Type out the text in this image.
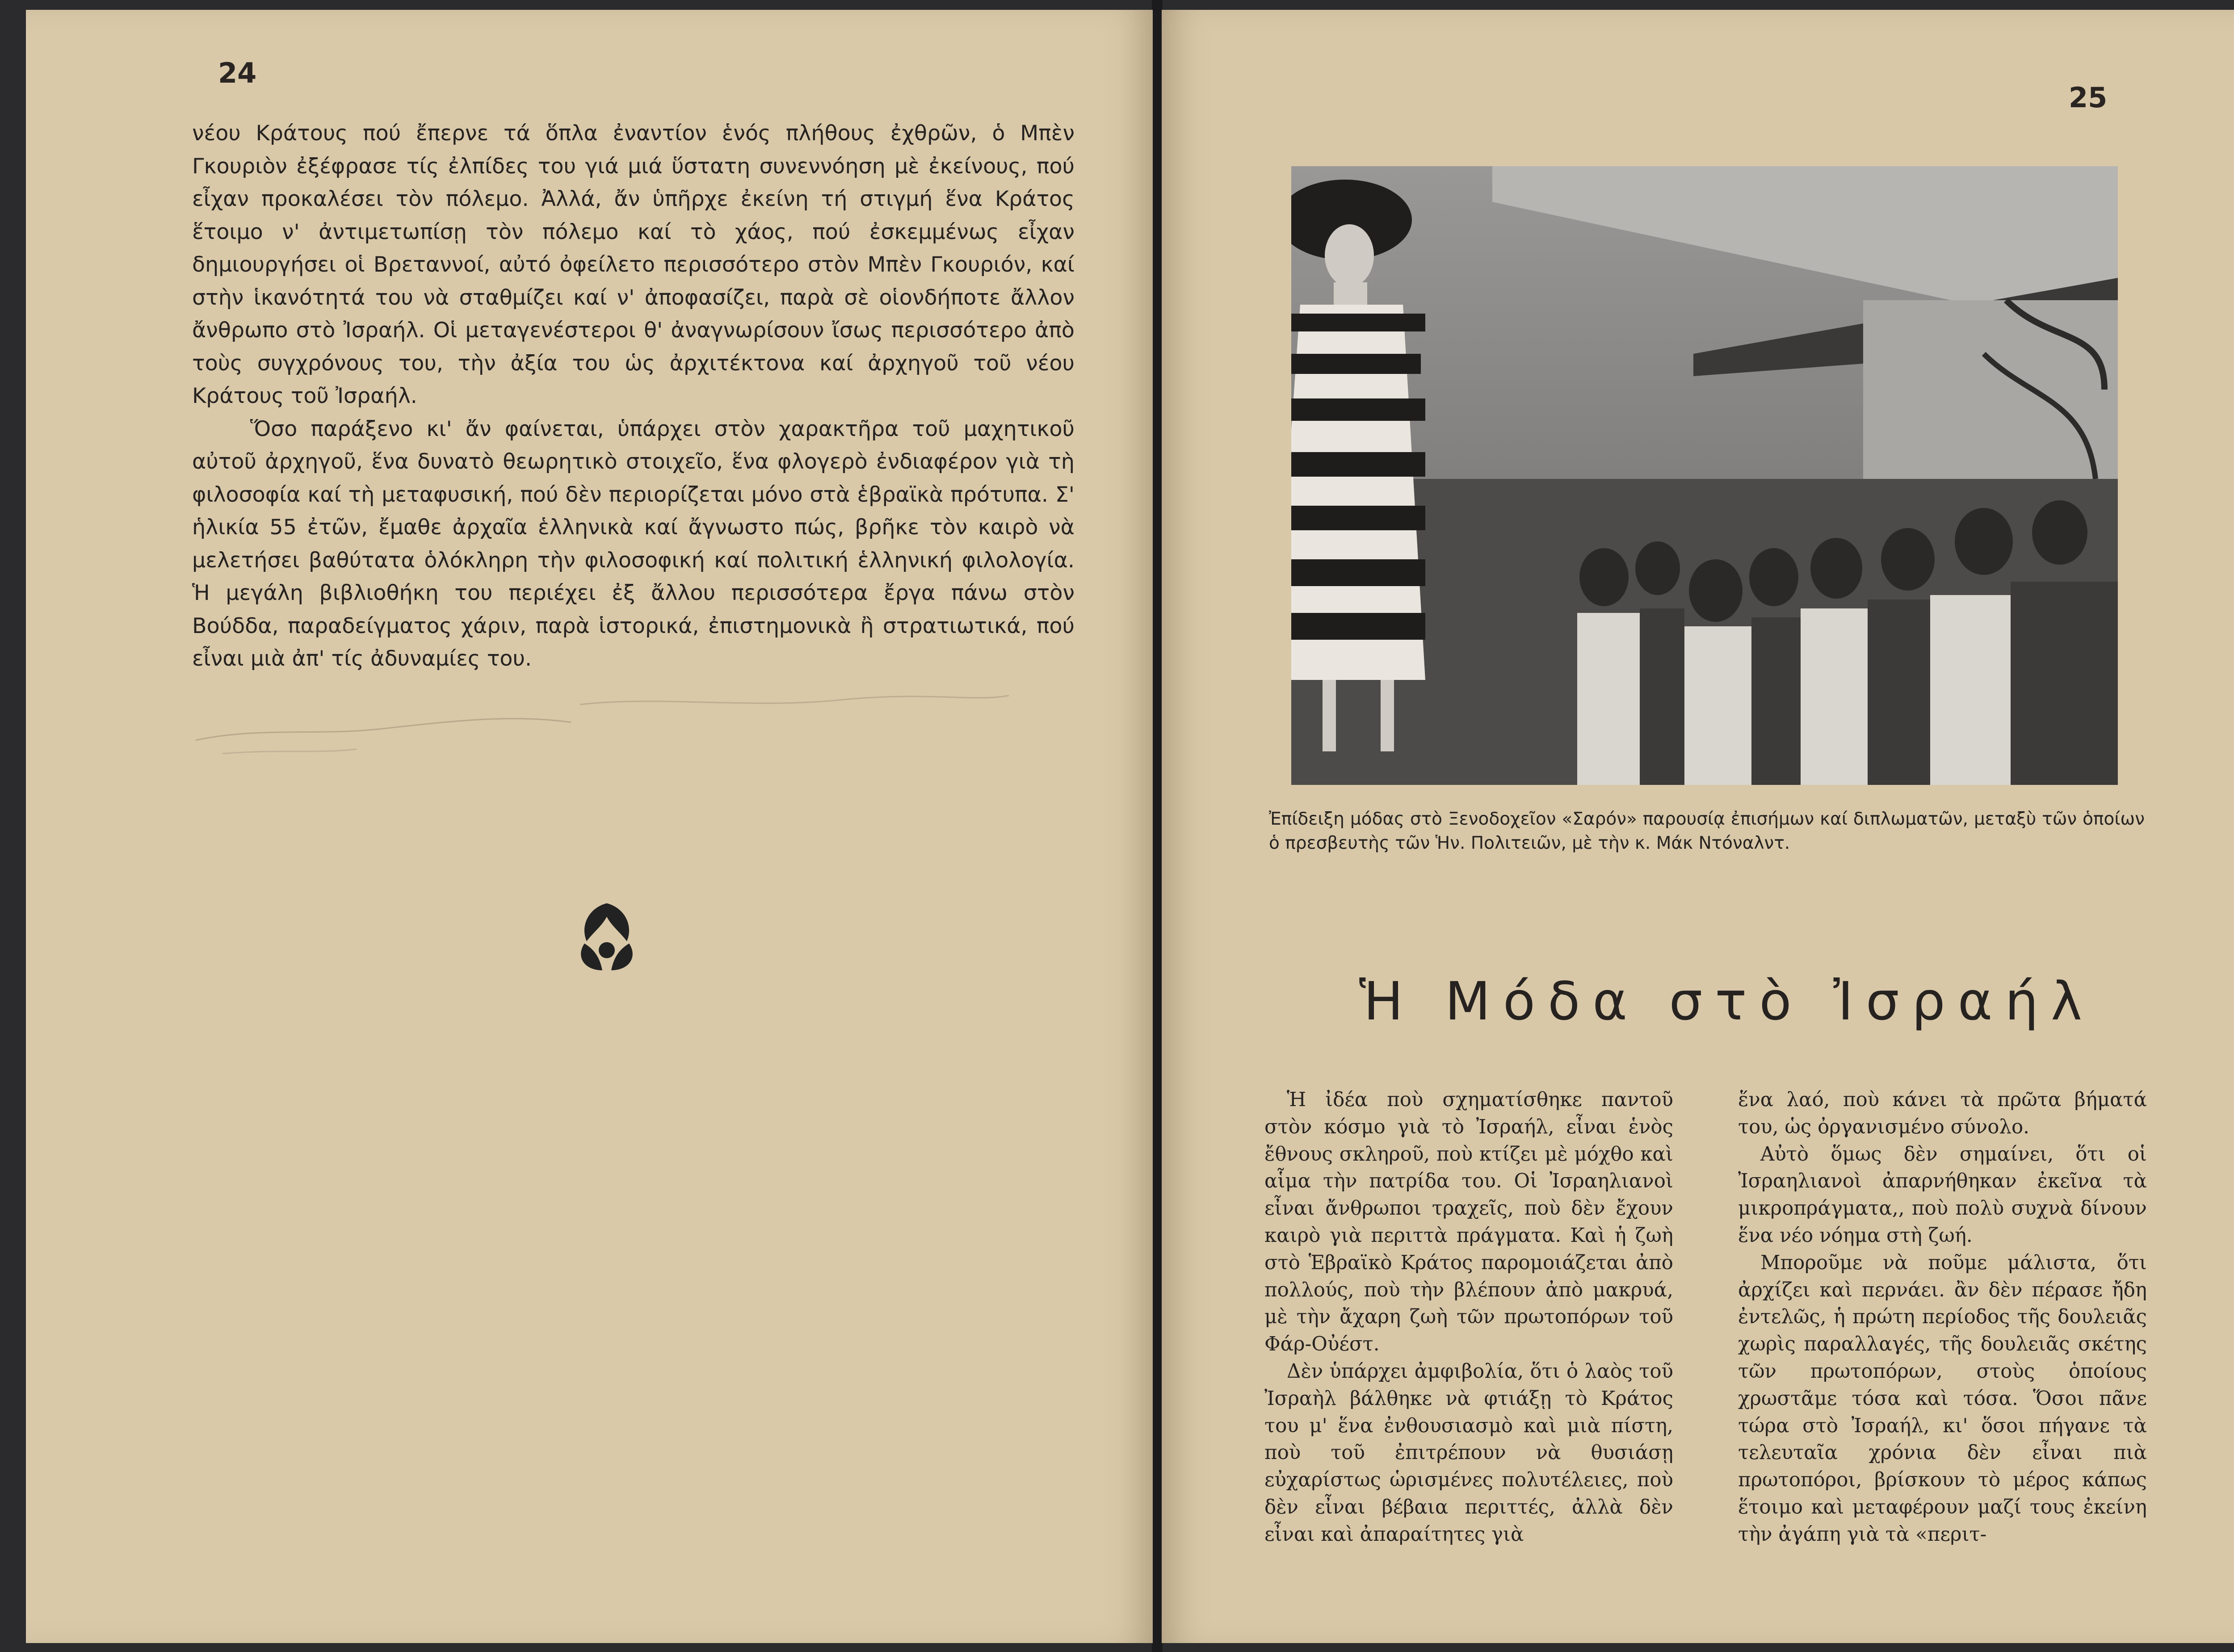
24

νέου Κράτους πού ἔπερνε τά ὅπλα ἐναντίον ἑνός πλήθους ἐχθρῶν, ὁ Μπὲν Γκουριὸν ἐξέφρασε τίς ἐλπίδες του γιά μιά ὕστατη συνεννόηση μὲ ἐκείνους, πού εἶχαν προκαλέσει τὸν πόλεμο. Ἀλλά, ἄν ὑπῆρχε ἐκείνη τή στιγμή ἕνα Κράτος ἕτοιμο ν' ἀντιμετωπίσῃ τὸν πόλεμο καί τὸ χάος, πού ἐσκεμμένως εἶχαν δημιουργήσει οἱ Βρεταννοί, αὐτό ὀφείλετο περισσότερο στὸν Μπὲν Γκουριόν, καί στὴν ἱκανότητά του νὰ σταθμίζει καί ν' ἀποφασίζει, παρὰ σὲ οἱονδήποτε ἄλλον ἄνθρωπο στὸ Ἰσραήλ. Οἱ μεταγενέστεροι θ' ἀναγνωρίσουν ἴσως περισσότερο ἀπὸ τοὺς συγχρόνους του, τὴν ἀξία του ὡς ἀρχιτέκτονα καί ἀρχηγοῦ τοῦ νέου Κράτους τοῦ Ἰσραήλ.

Ὅσο παράξενο κι' ἄν φαίνεται, ὑπάρχει στὸν χαρακτῆρα τοῦ μαχητικοῦ αὐτοῦ ἀρχηγοῦ, ἕνα δυνατὸ θεωρητικὸ στοιχεῖο, ἕνα φλογερὸ ἐνδιαφέρον γιὰ τὴ φιλοσοφία καί τὴ μεταφυσική, πού δὲν περιορίζεται μόνο στὰ ἑβραϊκὰ πρότυπα. Σ' ἡλικία 55 ἐτῶν, ἔμαθε ἀρχαῖα ἑλληνικὰ καί ἄγνωστο πώς, βρῆκε τὸν καιρὸ νὰ μελετήσει βαθύτατα ὁλόκληρη τὴν φιλοσοφική καί πολιτική ἑλληνική φιλολογία. Ἡ μεγάλη βιβλιοθήκη του περιέχει ἐξ ἄλλου περισσότερα ἔργα πάνω στὸν Βούδδα, παραδείγματος χάριν, παρὰ ἱστορικά, ἐπιστημονικὰ ἢ στρατιωτικά, πού εἶναι μιὰ ἀπ' τίς ἀδυναμίες του.

25
Ἐπίδειξη μόδας στὸ Ξενοδοχεῖον «Σαρόν» παρουσίᾳ ἐπισήμων καί διπλωματῶν, μεταξὺ τῶν ὁποίων ὁ πρεσβευτὴς τῶν Ἡν. Πολιτειῶν, μὲ τὴν κ. Μάκ Ντόναλντ.
Ἡ Μόδα στὸ Ἰσραήλ

Ἡ ἰδέα ποὺ σχηματίσθηκε παντοῦ στὸν κόσμο γιὰ τὸ Ἰσραήλ, εἶναι ἑνὸς ἔθνους σκληροῦ, ποὺ κτίζει μὲ μόχθο καὶ αἷμα τὴν πατρίδα του. Οἱ Ἰσραηλιανοὶ εἶναι ἄνθρωποι τραχεῖς, ποὺ δὲν ἔχουν καιρὸ γιὰ περιττὰ πράγματα. Καὶ ἡ ζωὴ στὸ Ἑβραϊκὸ Κράτος παρομοιάζεται ἀπὸ πολλούς, ποὺ τὴν βλέπουν ἀπὸ μακρυά, μὲ τὴν ἄχαρη ζωὴ τῶν πρωτοπόρων τοῦ Φάρ-Οὐέστ.

Δὲν ὑπάρχει ἀμφιβολία, ὅτι ὁ λαὸς τοῦ Ἰσραὴλ βάλθηκε νὰ φτιάξῃ τὸ Κράτος του μ' ἕνα ἐνθουσιασμὸ καὶ μιὰ πίστη, ποὺ τοῦ ἐπιτρέπουν νὰ θυσιάσῃ εὐχαρίστως ὡρισμένες πολυτέλειες, ποὺ δὲν εἶναι βέβαια περιττές, ἀλλὰ δὲν εἶναι καὶ ἀπαραίτητες γιὰ

ἕνα λαό, ποὺ κάνει τὰ πρῶτα βήματά του, ὡς ὀργανισμένο σύνολο.

Αὐτὸ ὅμως δὲν σημαίνει, ὅτι οἱ Ἰσραηλιανοὶ ἀπαρνήθηκαν ἐκεῖνα τὰ μικροπράγματα,, ποὺ πολὺ συχνὰ δίνουν ἕνα νέο νόημα στὴ ζωή.

Μποροῦμε νὰ ποῦμε μάλιστα, ὅτι ἀρχίζει καὶ περνάει. ἂν δὲν πέρασε ἤδη ἐντελῶς, ἡ πρώτη περίοδος τῆς δουλειᾶς χωρὶς παραλλαγές, τῆς δουλειᾶς σκέτης τῶν πρωτοπόρων, στοὺς ὁποίους χρωστᾶμε τόσα καὶ τόσα. Ὅσοι πᾶνε τώρα στὸ Ἰσραήλ, κι' ὅσοι πήγανε τὰ τελευταῖα χρόνια δὲν εἶναι πιὰ πρωτοπόροι, βρίσκουν τὸ μέρος κάπως ἕτοιμο καὶ μεταφέρουν μαζί τους ἐκείνη τὴν ἀγάπη γιὰ τὰ «περιτ-
